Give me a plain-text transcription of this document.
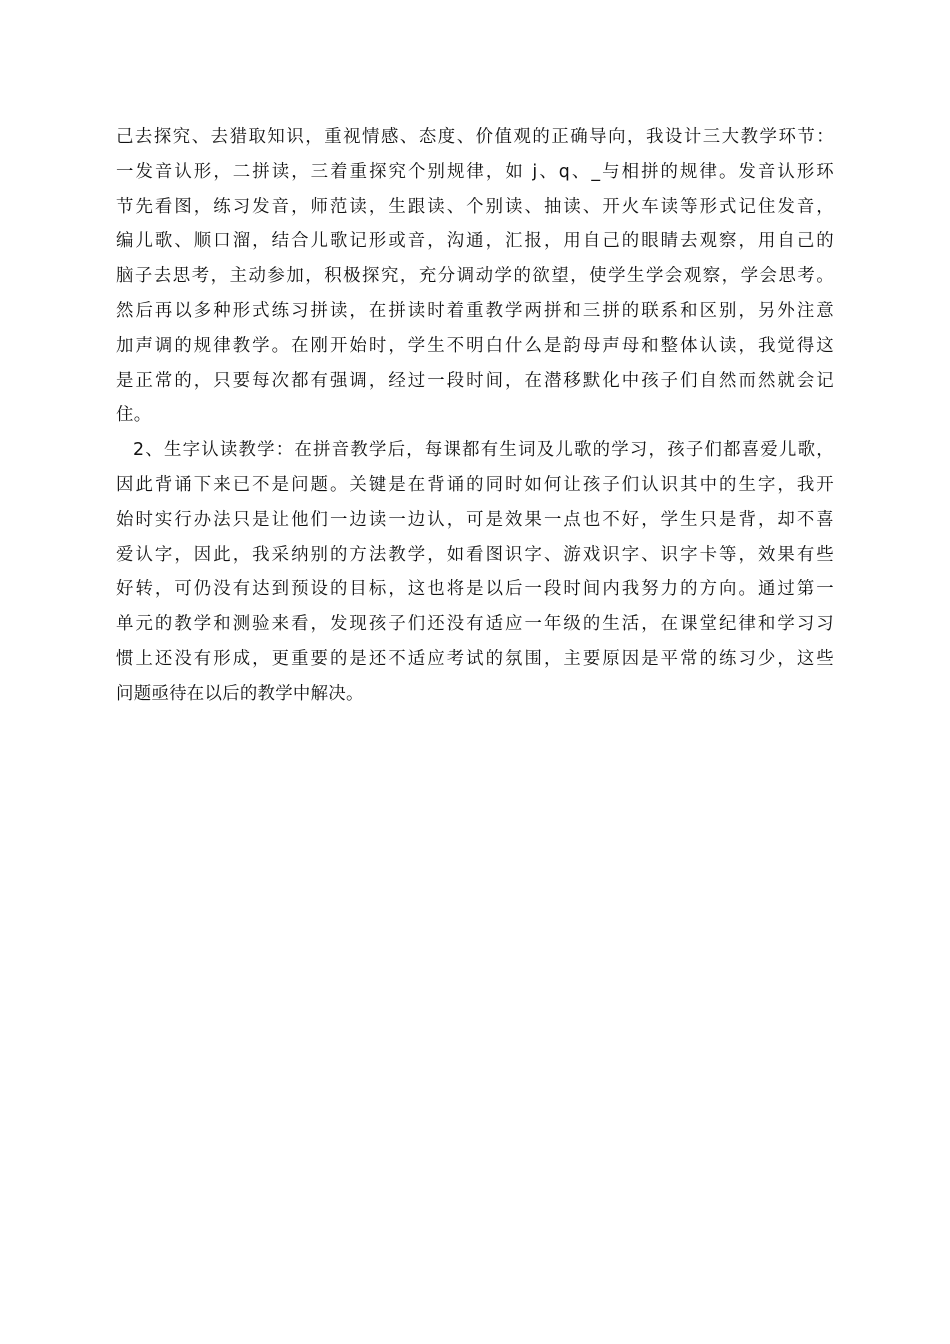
己去探究、去猎取知识，重视情感、态度、价值观的正确导向，我设计三大教学环节：
一发音认形，二拼读，三着重探究个别规律，如 j、q、_与相拼的规律。发音认形环
节先看图，练习发音，师范读，生跟读、个别读、抽读、开火车读等形式记住发音，
编儿歌、顺口溜，结合儿歌记形或音，沟通，汇报，用自己的眼睛去观察，用自己的
脑子去思考，主动参加，积极探究，充分调动学的欲望，使学生学会观察，学会思考。
然后再以多种形式练习拼读，在拼读时着重教学两拼和三拼的联系和区别，另外注意
加声调的规律教学。在刚开始时，学生不明白什么是韵母声母和整体认读，我觉得这
是正常的，只要每次都有强调，经过一段时间，在潜移默化中孩子们自然而然就会记
住。

2、生字认读教学：在拼音教学后，每课都有生词及儿歌的学习，孩子们都喜爱儿歌，
因此背诵下来已不是问题。关键是在背诵的同时如何让孩子们认识其中的生字，我开
始时实行办法只是让他们一边读一边认，可是效果一点也不好，学生只是背，却不喜
爱认字，因此，我采纳别的方法教学，如看图识字、游戏识字、识字卡等，效果有些
好转，可仍没有达到预设的目标，这也将是以后一段时间内我努力的方向。通过第一
单元的教学和测验来看，发现孩子们还没有适应一年级的生活，在课堂纪律和学习习
惯上还没有形成，更重要的是还不适应考试的氛围，主要原因是平常的练习少，这些
问题亟待在以后的教学中解决。
